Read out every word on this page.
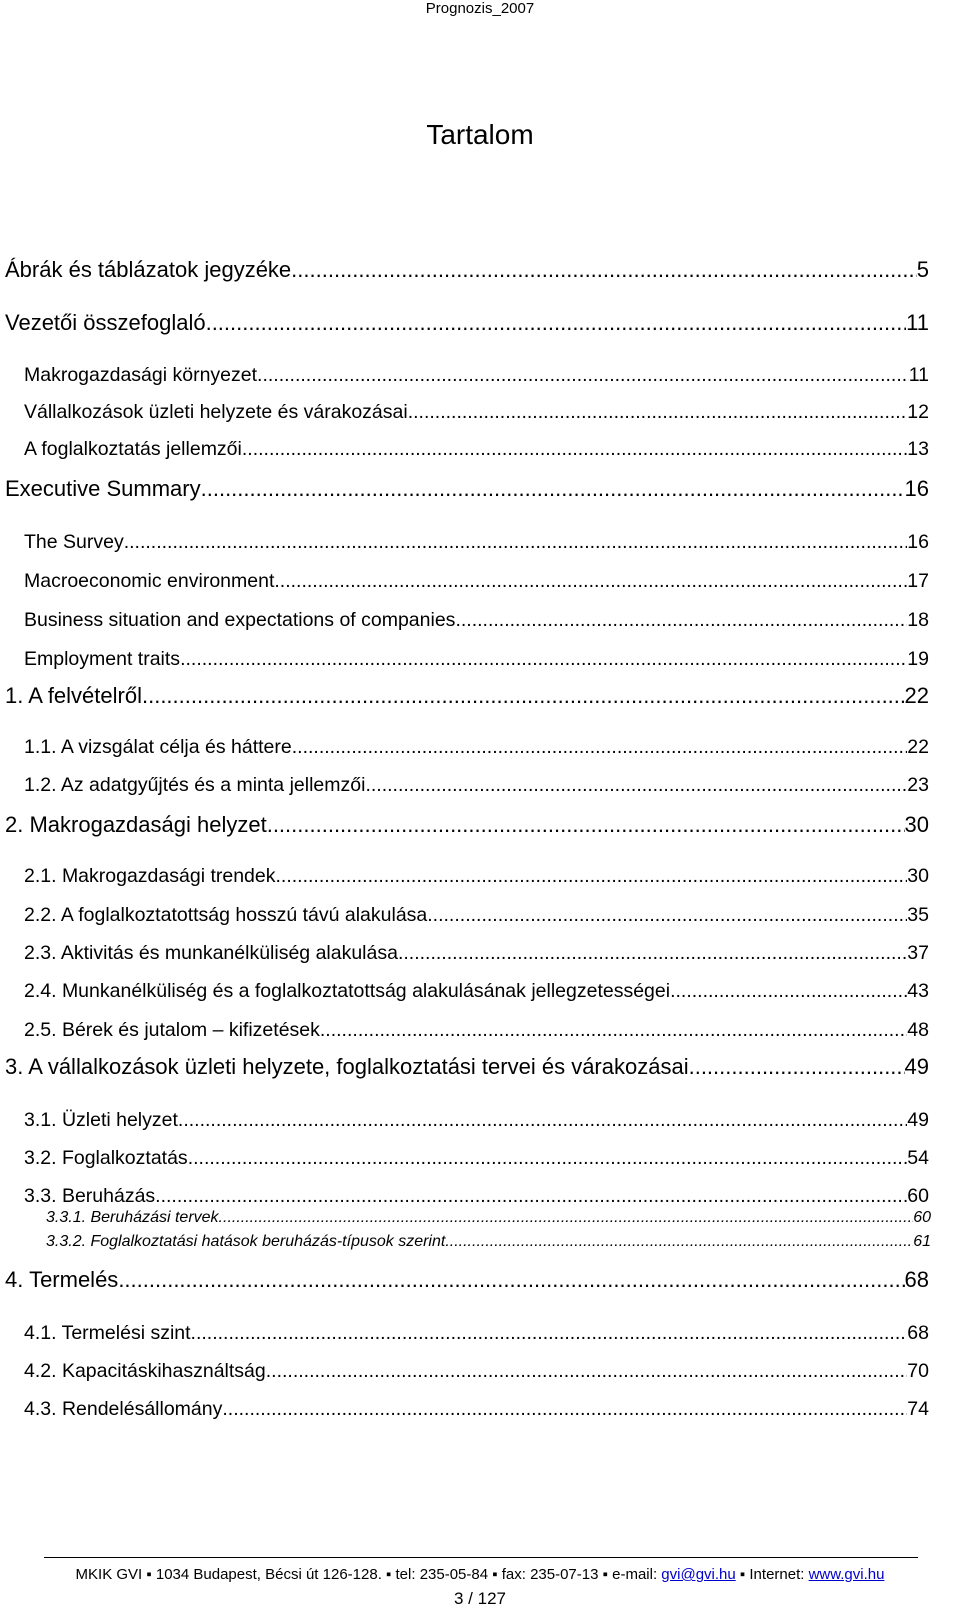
Prognozis_2007
Tartalom
Ábrák és táblázatok jegyzéke .....	5
Vezetői összefoglaló .....	11
Makrogazdasági környezet .....	11
Vállalkozások üzleti helyzete és várakozásai .....	12
A foglalkoztatás jellemzői .....	13
Executive Summary .....	16
The Survey .....	16
Macroeconomic environment .....	17
Business situation and expectations of companies .....	18
Employment traits .....	19
1. A felvételről .....	22
1.1. A vizsgálat célja és háttere .....	22
1.2. Az adatgyűjtés és a minta jellemzői .....	23
2. Makrogazdasági helyzet .....	30
2.1. Makrogazdasági trendek .....	30
2.2. A foglalkoztatottság hosszú távú alakulása .....	35
2.3. Aktivitás és munkanélküliség alakulása .....	37
2.4. Munkanélküliség és a foglalkoztatottság alakulásának jellegzetességei .....	43
2.5. Bérek és jutalom – kifizetések .....	48
3. A vállalkozások üzleti helyzete, foglalkoztatási tervei és várakozásai .....	49
3.1. Üzleti helyzet .....	49
3.2. Foglalkoztatás .....	54
3.3. Beruházás .....	60
3.3.1. Beruházási tervek .....	60
3.3.2. Foglalkoztatási hatások beruházás-típusok szerint .....	61
4. Termelés .....	68
4.1. Termelési szint .....	68
4.2. Kapacitáskihasználtság .....	70
4.3. Rendelésállomány .....	74
MKIK GVI ▪ 1034 Budapest, Bécsi út 126-128. ▪ tel: 235-05-84 ▪ fax: 235-07-13 ▪ e-mail: gvi@gvi.hu ▪ Internet: www.gvi.hu
3 / 127
